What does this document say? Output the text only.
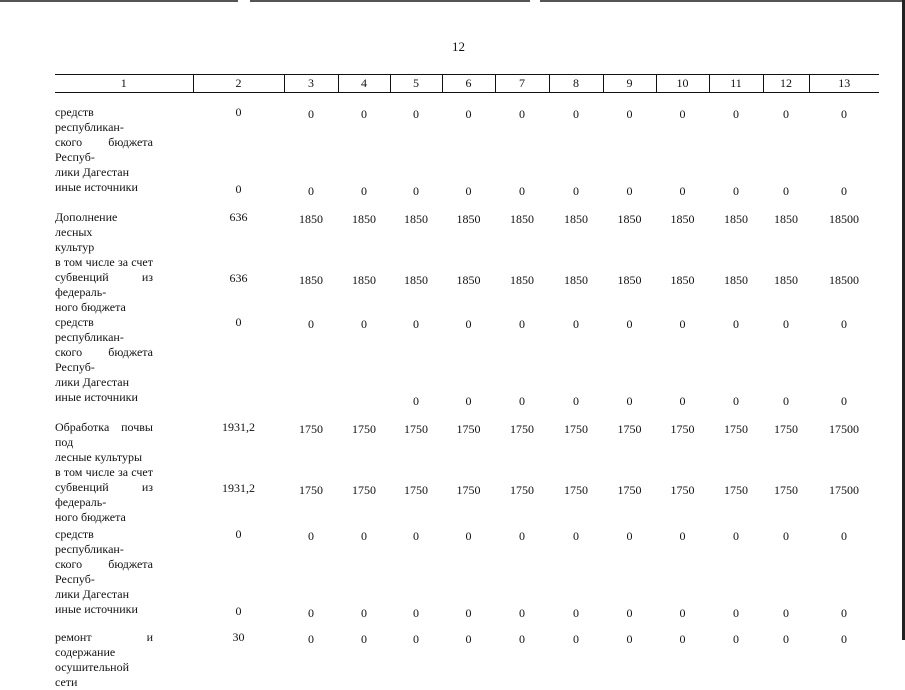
12
1	2	3	4	5	6	7	8	9	10	11	12	13

средств республикан-
ского бюджета Респуб-
лики Дагестан	0	0	0	0	0	0	0	0	0	0	0	0

иные источники	0	0	0	0	0	0	0	0	0	0	0	0

Дополнение лесных
культур	636	1850	1850	1850	1850	1850	1850	1850	1850	1850	1850	18500

в том числе за счет
субвенций из федераль-
ного бюджета	636	1850	1850	1850	1850	1850	1850	1850	1850	1850	1850	18500

средств республикан-
ского бюджета Респуб-
лики Дагестан	0	0	0	0	0	0	0	0	0	0	0	0

иные источники				0	0	0	0	0	0	0	0	0

Обработка почвы под
лесные культуры	1931,2	1750	1750	1750	1750	1750	1750	1750	1750	1750	1750	17500

в том числе за счет
субвенций из федераль-
ного бюджета	1931,2	1750	1750	1750	1750	1750	1750	1750	1750	1750	1750	17500

средств республикан-
ского бюджета Респуб-
лики Дагестан	0	0	0	0	0	0	0	0	0	0	0	0

иные источники	0	0	0	0	0	0	0	0	0	0	0	0

ремонт и содержание
осушительной сети	30	0	0	0	0	0	0	0	0	0	0	0
